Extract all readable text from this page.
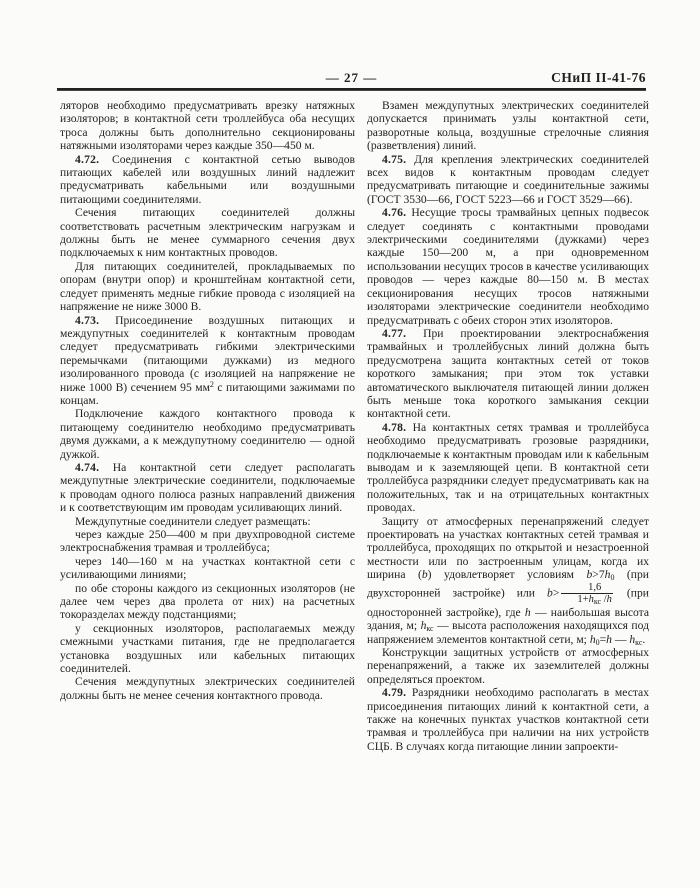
— 27 —	СНиП II-41-76

ляторов необходимо предусматривать врезку натяжных изоляторов; в контактной сети троллейбуса оба несущих троса должны быть дополнительно секционированы натяжными изоляторами через каждые 350—450 м.

4.72. Соединения с контактной сетью выводов питающих кабелей или воздушных линий надлежит предусматривать кабельными или воздушными питающими соединителями.

Сечения питающих соединителей должны соответствовать расчетным электрическим нагрузкам и должны быть не менее суммарного сечения двух подключаемых к ним контактных проводов.

Для питающих соединителей, прокладываемых по опорам (внутри опор) и кронштейнам контактной сети, следует применять медные гибкие провода с изоляцией на напряжение не ниже 3000 В.

4.73. Присоединение воздушных питающих и междупутных соединителей к контактным проводам следует предусматривать гибкими электрическими перемычками (питающими дужками) из медного изолированного провода (с изоляцией на напряжение не ниже 1000 В) сечением 95 $мм^2$ с питающими зажимами по концам.

Подключение каждого контактного провода к питающему соединителю необходимо предусматривать двумя дужками, а к междупутному соединителю — одной дужкой.

4.74. На контактной сети следует располагать междупутные электрические соединители, подключаемые к проводам одного полюса разных направлений движения и к соответствующим им проводам усиливающих линий.

Междупутные соединители следует размещать:

через каждые 250—400 м при двухпроводной системе электроснабжения трамвая и троллейбуса;

через 140—160 м на участках контактной сети с усиливающими линиями;

по обе стороны каждого из секционных изоляторов (не далее чем через два пролета от них) на расчетных токоразделах между подстанциями;

у секционных изоляторов, располагаемых между смежными участками питания, где не предполагается установка воздушных или кабельных питающих соединителей.

Сечения междупутных электрических соединителей должны быть не менее сечения контактного провода.

Взамен междупутных электрических соединителей допускается принимать узлы контактной сети, разворотные кольца, воздушные стрелочные слияния (разветвления) линий.

4.75. Для крепления электрических соединителей всех видов к контактным проводам следует предусматривать питающие и соединительные зажимы (ГОСТ 3530—66, ГОСТ 5223—66 и ГОСТ 3529—66).

4.76. Несущие тросы трамвайных цепных подвесок следует соединять с контактными проводами электрическими соединителями (дужками) через каждые 150—200 м, а при одновременном использовании несущих тросов в качестве усиливающих проводов — через каждые 80—150 м. В местах секционирования несущих тросов натяжными изоляторами электрические соединители необходимо предусматривать с обеих сторон этих изоляторов.

4.77. При проектировании электроснабжения трамвайных и троллейбусных линий должна быть предусмотрена защита контактных сетей от токов короткого замыкания; при этом ток уставки автоматического выключателя питающей линии должен быть меньше тока короткого замыкания секции контактной сети.

4.78. На контактных сетях трамвая и троллейбуса необходимо предусматривать грозовые разрядники, подключаемые к контактным проводам или к кабельным выводам и к заземляющей цепи. В контактной сети троллейбуса разрядники следует предусматривать как на положительных, так и на отрицательных контактных проводах.

Защиту от атмосферных перенапряжений следует проектировать на участках контактных сетей трамвая и троллейбуса, проходящих по открытой и незастроенной местности или по застроенным улицам, когда их ширина (b) удовлетворяет условиям $b>7h_0$ (при двухсторонней застройке) или $b> \frac{1,6}{1+h_{кс} /h} (при$ односторонней застройке), где h — наибольшая высота здания, м; $h_{кс}$ — высота расположения находящихся под напряжением элементов контактной сети, м; $h_0=h$ — $h_{кс}$.

Конструкции защитных устройств от атмосферных перенапряжений, а также их заземлителей должны определяться проектом.

4.79. Разрядники необходимо располагать в местах присоединения питающих линий к контактной сети, а также на конечных пунктах участков контактной сети трамвая и троллейбуса при наличии на них устройств СЦБ. В случаях когда питающие линии запроекти-
